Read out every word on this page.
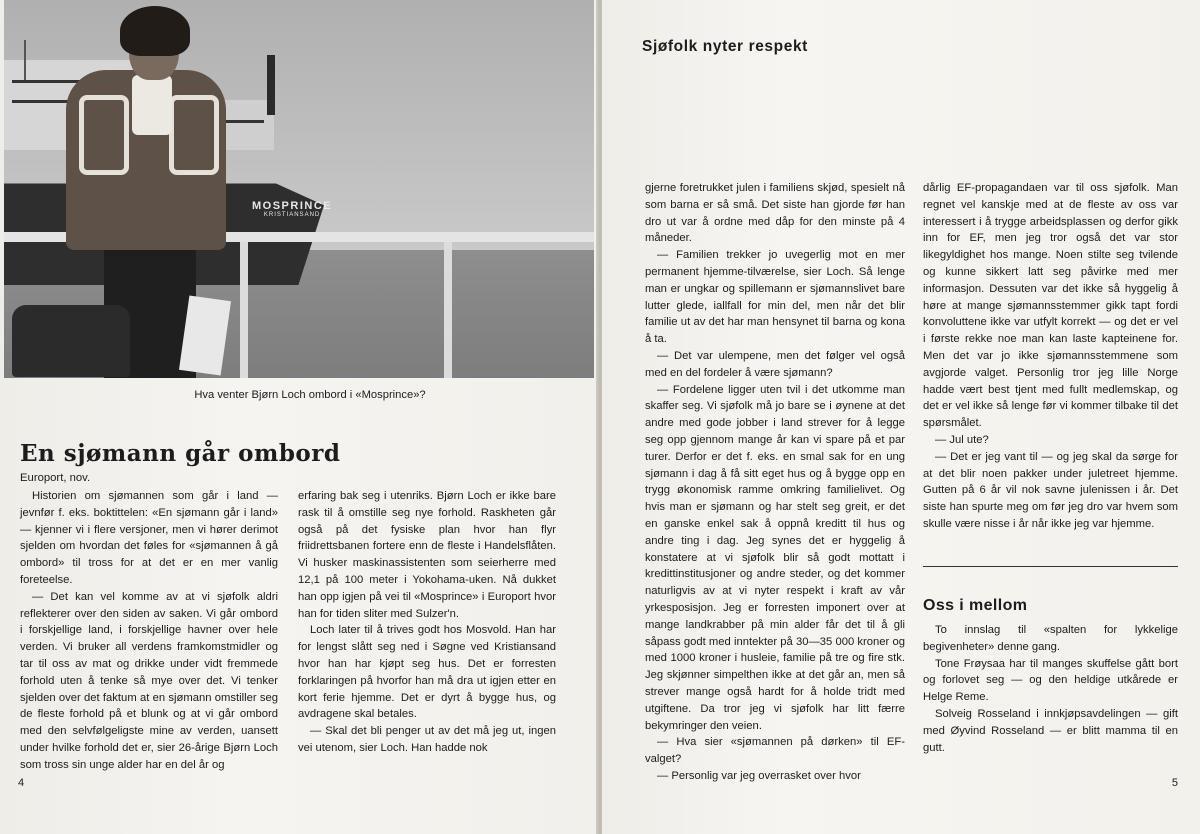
MOSPRINCE
KRISTIANSAND
Hva venter Bjørn Loch ombord i «Mosprince»?
En sjømann går ombord
Europort, nov.

Historien om sjømannen som går i land — jevnfør f. eks. boktittelen: «En sjømann går i land» — kjenner vi i flere versjoner, men vi hører derimot sjelden om hvordan det føles for «sjømannen å gå ombord» til tross for at det er en mer vanlig foreteelse.

— Det kan vel komme av at vi sjøfolk aldri reflekterer over den siden av saken. Vi går ombord i forskjellige land, i forskjellige havner over hele verden. Vi bruker all verdens framkomstmidler og tar til oss av mat og drikke under vidt fremmede forhold uten å tenke så mye over det. Vi tenker sjelden over det faktum at en sjømann omstiller seg de fleste forhold på et blunk og at vi går ombord med den selvfølgeligste mine av verden, uansett under hvilke forhold det er, sier 26-årige Bjørn Loch som tross sin unge alder har en del år og

erfaring bak seg i utenriks. Bjørn Loch er ikke bare rask til å omstille seg nye forhold. Raskheten går også på det fysiske plan hvor han flyr friidrettsbanen fortere enn de fleste i Handelsflåten. Vi husker maskinassistenten som seierherre med 12,1 på 100 meter i Yokohama-uken. Nå dukket han opp igjen på vei til «Mosprince» i Europort hvor han for tiden sliter med Sulzer'n.

Loch later til å trives godt hos Mosvold. Han har for lengst slått seg ned i Søgne ved Kristiansand hvor han har kjøpt seg hus. Det er forresten forklaringen på hvorfor han må dra ut igjen etter en kort ferie hjemme. Det er dyrt å bygge hus, og avdragene skal betales.

— Skal det bli penger ut av det må jeg ut, ingen vei utenom, sier Loch. Han hadde nok

4
Sjøfolk nyter respekt

gjerne foretrukket julen i familiens skjød, spesielt nå som barna er så små. Det siste han gjorde før han dro ut var å ordne med dåp for den minste på 4 måneder.

— Familien trekker jo uvegerlig mot en mer permanent hjemme-tilværelse, sier Loch. Så lenge man er ungkar og spillemann er sjømannslivet bare lutter glede, iallfall for min del, men når det blir familie ut av det har man hensynet til barna og kona å ta.

— Det var ulempene, men det følger vel også med en del fordeler å være sjømann?

— Fordelene ligger uten tvil i det utkomme man skaffer seg. Vi sjøfolk må jo bare se i øynene at det andre med gode jobber i land strever for å legge seg opp gjennom mange år kan vi spare på et par turer. Derfor er det f. eks. en smal sak for en ung sjømann i dag å få sitt eget hus og å bygge opp en trygg økonomisk ramme omkring familielivet. Og hvis man er sjømann og har stelt seg greit, er det en ganske enkel sak å oppnå kreditt til hus og andre ting i dag. Jeg synes det er hyggelig å konstatere at vi sjøfolk blir så godt mottatt i kredittinstitusjoner og andre steder, og det kommer naturligvis av at vi nyter respekt i kraft av vår yrkesposisjon. Jeg er forresten imponert over at mange landkrabber på min alder får det til å gli såpass godt med inntekter på 30—35 000 kroner og med 1000 kroner i husleie, familie på tre og fire stk. Jeg skjønner simpelthen ikke at det går an, men så strever mange også hardt for å holde tridt med utgiftene. Da tror jeg vi sjøfolk har litt færre bekymringer den veien.

— Hva sier «sjømannen på dørken» til EF-valget?

— Personlig var jeg overrasket over hvor

dårlig EF-propagandaen var til oss sjøfolk. Man regnet vel kanskje med at de fleste av oss var interessert i å trygge arbeidsplassen og derfor gikk inn for EF, men jeg tror også det var stor likegyldighet hos mange. Noen stilte seg tvilende og kunne sikkert latt seg påvirke med mer informasjon. Dessuten var det ikke så hyggelig å høre at mange sjømannsstemmer gikk tapt fordi konvoluttene ikke var utfylt korrekt — og det er vel i første rekke noe man kan laste kapteinene for. Men det var jo ikke sjømannsstemmene som avgjorde valget. Personlig tror jeg lille Norge hadde vært best tjent med fullt medlemskap, og det er vel ikke så lenge før vi kommer tilbake til det spørsmålet.

— Jul ute?

— Det er jeg vant til — og jeg skal da sørge for at det blir noen pakker under juletreet hjemme. Gutten på 6 år vil nok savne julenissen i år. Det siste han spurte meg om før jeg dro var hvem som skulle være nisse i år når ikke jeg var hjemme.

Oss i mellom

To innslag til «spalten for lykkelige begivenheter» denne gang.

Tone Frøysaa har til manges skuffelse gått bort og forlovet seg — og den heldige utkårede er Helge Reme.

Solveig Rosseland i innkjøpsavdelingen — gift med Øyvind Rosseland — er blitt mamma til en gutt.

5
